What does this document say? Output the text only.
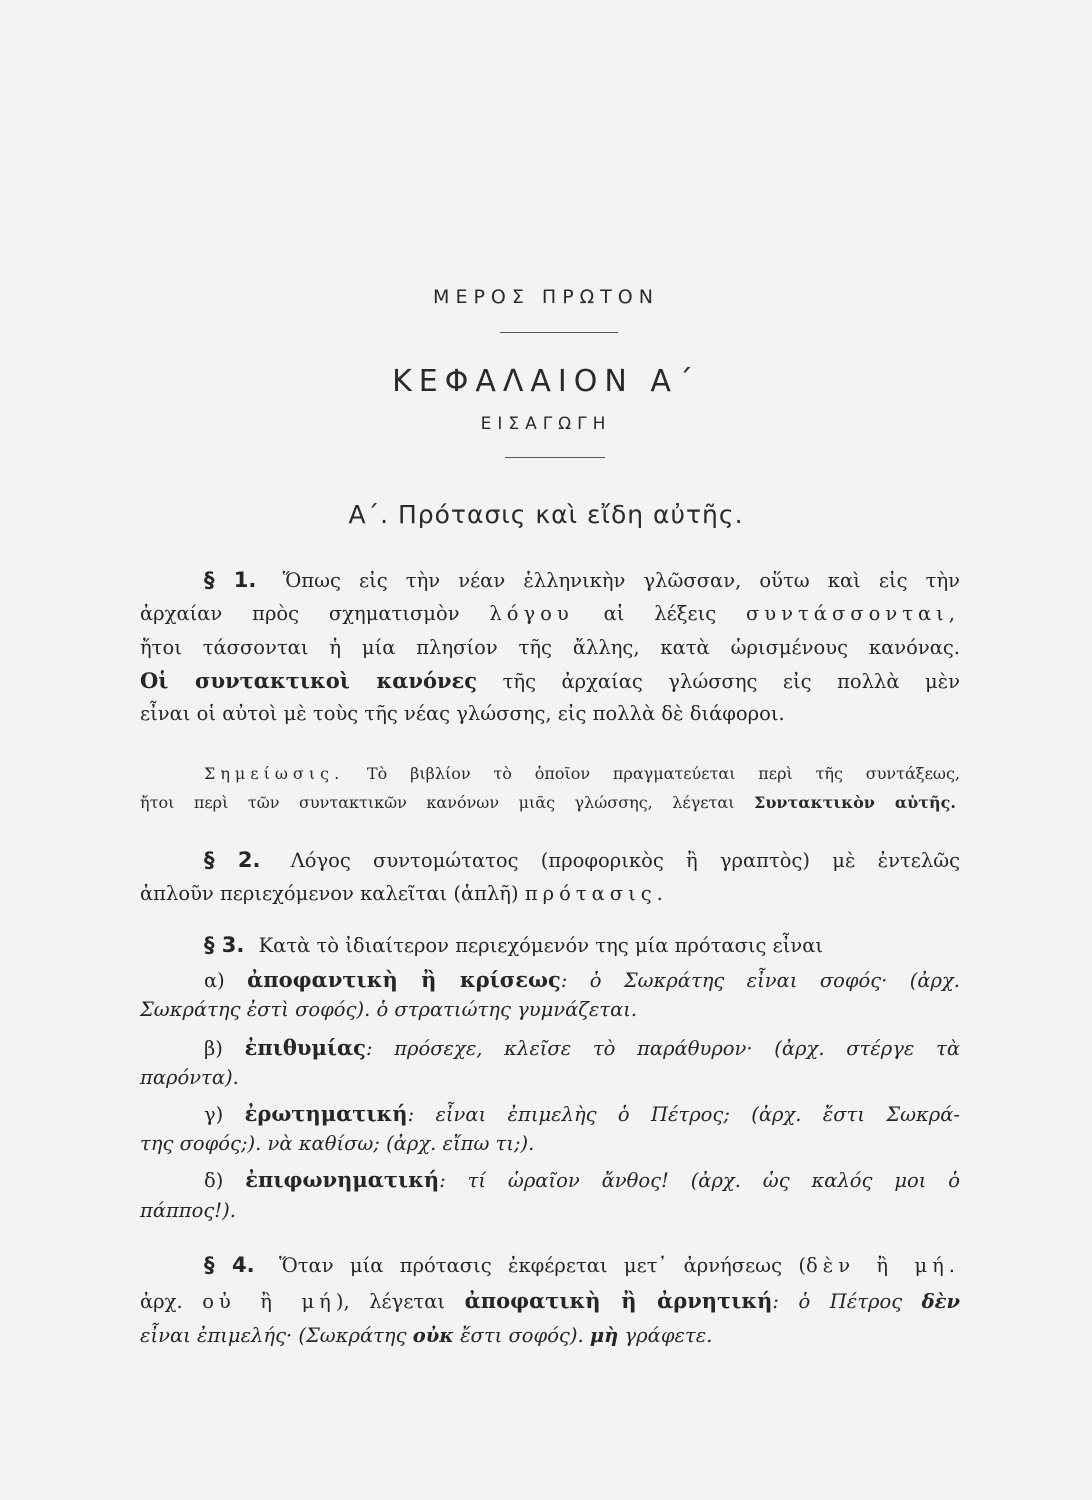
ΜΕΡΟΣ ΠΡΩΤΟΝ
ΚΕΦΑΛΑΙΟΝ Α΄
ΕΙΣΑΓΩΓΗ
Α΄. Πρότασις καὶ εἴδη αὐτῆς.
§ 1. Ὅπως εἰς τὴν νέαν ἑλληνικὴν γλῶσσαν, οὕτω καὶ εἰς τὴν
ἀρχαίαν πρὸς σχηματισμὸν λόγου αἱ λέξεις συντάσσονται,
ἤτοι τάσσονται ἡ μία πλησίον τῆς ἄλλης, κατὰ ὡρισμένους κανόνας.
Οἱ συντακτικοὶ κανόνες τῆς ἀρχαίας γλώσσης εἰς πολλὰ μὲν
εἶναι οἱ αὐτοὶ μὲ τοὺς τῆς νέας γλώσσης, εἰς πολλὰ δὲ διάφοροι.
Σημείωσις. Τὸ βιβλίον τὸ ὁποῖον πραγματεύεται περὶ τῆς συντάξεως,
ἤτοι περὶ τῶν συντακτικῶν κανόνων μιᾶς γλώσσης, λέγεται Συντακτικὸν αὐτῆς.
§ 2. Λόγος συντομώτατος (προφορικὸς ἢ γραπτὸς) μὲ ἐντελῶς
ἁπλοῦν περιεχόμενον καλεῖται (ἁπλῆ) πρότασις.
§ 3. Κατὰ τὸ ἰδιαίτερον περιεχόμενόν της μία πρότασις εἶναι
α) ἀποφαντικὴ ἢ κρίσεως: ὁ Σωκράτης εἶναι σοφός· (ἀρχ.
Σωκράτης ἐστὶ σοφός). ὁ στρατιώτης γυμνάζεται.
β) ἐπιθυμίας: πρόσεχε, κλεῖσε τὸ παράθυρον· (ἀρχ. στέργε τὰ
παρόντα).
γ) ἐρωτηματική: εἶναι ἐπιμελὴς ὁ Πέτρος; (ἀρχ. ἔστι Σωκρά-
της σοφός;). νὰ καθίσω; (ἀρχ. εἴπω τι;).
δ) ἐπιφωνηματική: τί ὡραῖον ἄνθος! (ἀρχ. ὡς καλός μοι ὁ
πάππος!).
§ 4. Ὅταν μία πρότασις ἐκφέρεται μετ᾽ ἀρνήσεως (δὲν ἢ μή.
ἀρχ. οὐ ἢ μή), λέγεται ἀποφατικὴ ἢ ἀρνητική: ὁ Πέτρος δὲν
εἶναι ἐπιμελής· (Σωκράτης οὐκ ἔστι σοφός). μὴ γράφετε.
